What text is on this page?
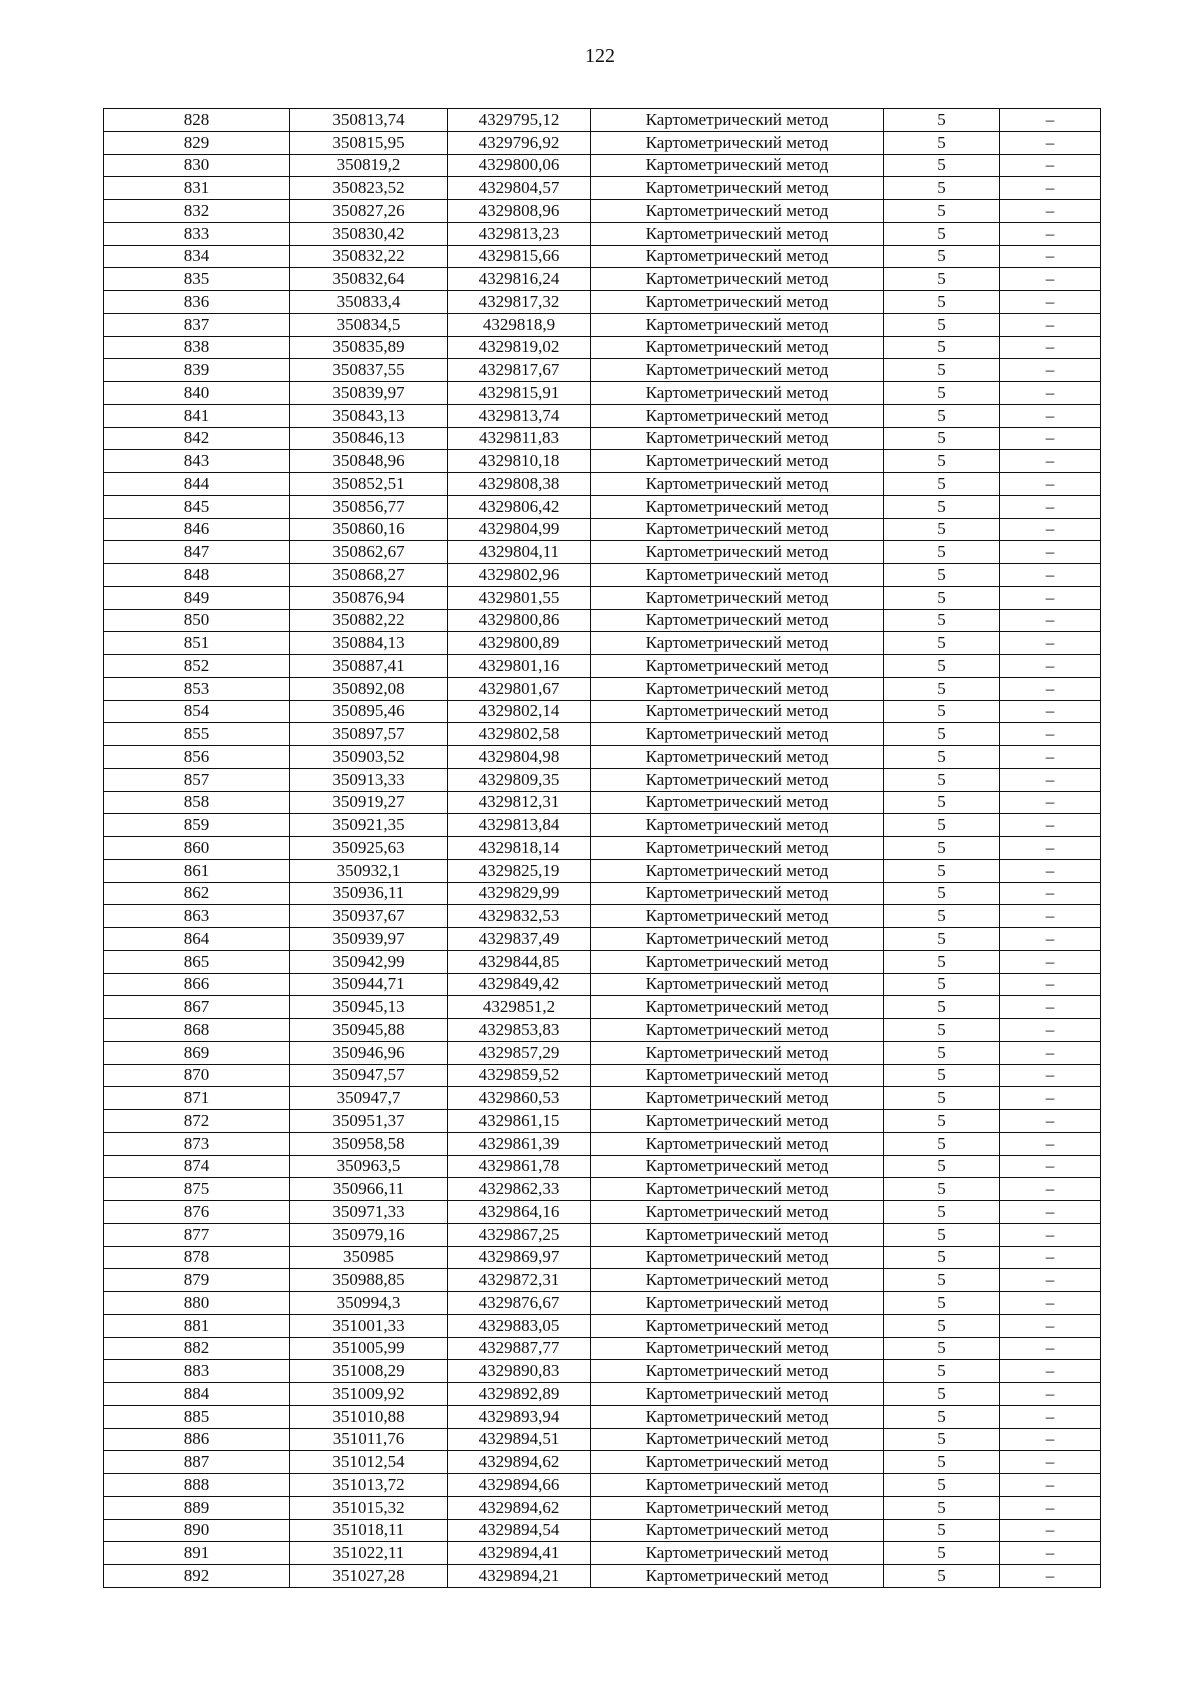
122
828	350813,74	4329795,12	Картометрический метод	5	–
829	350815,95	4329796,92	Картометрический метод	5	–
830	350819,2	4329800,06	Картометрический метод	5	–
831	350823,52	4329804,57	Картометрический метод	5	–
832	350827,26	4329808,96	Картометрический метод	5	–
833	350830,42	4329813,23	Картометрический метод	5	–
834	350832,22	4329815,66	Картометрический метод	5	–
835	350832,64	4329816,24	Картометрический метод	5	–
836	350833,4	4329817,32	Картометрический метод	5	–
837	350834,5	4329818,9	Картометрический метод	5	–
838	350835,89	4329819,02	Картометрический метод	5	–
839	350837,55	4329817,67	Картометрический метод	5	–
840	350839,97	4329815,91	Картометрический метод	5	–
841	350843,13	4329813,74	Картометрический метод	5	–
842	350846,13	4329811,83	Картометрический метод	5	–
843	350848,96	4329810,18	Картометрический метод	5	–
844	350852,51	4329808,38	Картометрический метод	5	–
845	350856,77	4329806,42	Картометрический метод	5	–
846	350860,16	4329804,99	Картометрический метод	5	–
847	350862,67	4329804,11	Картометрический метод	5	–
848	350868,27	4329802,96	Картометрический метод	5	–
849	350876,94	4329801,55	Картометрический метод	5	–
850	350882,22	4329800,86	Картометрический метод	5	–
851	350884,13	4329800,89	Картометрический метод	5	–
852	350887,41	4329801,16	Картометрический метод	5	–
853	350892,08	4329801,67	Картометрический метод	5	–
854	350895,46	4329802,14	Картометрический метод	5	–
855	350897,57	4329802,58	Картометрический метод	5	–
856	350903,52	4329804,98	Картометрический метод	5	–
857	350913,33	4329809,35	Картометрический метод	5	–
858	350919,27	4329812,31	Картометрический метод	5	–
859	350921,35	4329813,84	Картометрический метод	5	–
860	350925,63	4329818,14	Картометрический метод	5	–
861	350932,1	4329825,19	Картометрический метод	5	–
862	350936,11	4329829,99	Картометрический метод	5	–
863	350937,67	4329832,53	Картометрический метод	5	–
864	350939,97	4329837,49	Картометрический метод	5	–
865	350942,99	4329844,85	Картометрический метод	5	–
866	350944,71	4329849,42	Картометрический метод	5	–
867	350945,13	4329851,2	Картометрический метод	5	–
868	350945,88	4329853,83	Картометрический метод	5	–
869	350946,96	4329857,29	Картометрический метод	5	–
870	350947,57	4329859,52	Картометрический метод	5	–
871	350947,7	4329860,53	Картометрический метод	5	–
872	350951,37	4329861,15	Картометрический метод	5	–
873	350958,58	4329861,39	Картометрический метод	5	–
874	350963,5	4329861,78	Картометрический метод	5	–
875	350966,11	4329862,33	Картометрический метод	5	–
876	350971,33	4329864,16	Картометрический метод	5	–
877	350979,16	4329867,25	Картометрический метод	5	–
878	350985	4329869,97	Картометрический метод	5	–
879	350988,85	4329872,31	Картометрический метод	5	–
880	350994,3	4329876,67	Картометрический метод	5	–
881	351001,33	4329883,05	Картометрический метод	5	–
882	351005,99	4329887,77	Картометрический метод	5	–
883	351008,29	4329890,83	Картометрический метод	5	–
884	351009,92	4329892,89	Картометрический метод	5	–
885	351010,88	4329893,94	Картометрический метод	5	–
886	351011,76	4329894,51	Картометрический метод	5	–
887	351012,54	4329894,62	Картометрический метод	5	–
888	351013,72	4329894,66	Картометрический метод	5	–
889	351015,32	4329894,62	Картометрический метод	5	–
890	351018,11	4329894,54	Картометрический метод	5	–
891	351022,11	4329894,41	Картометрический метод	5	–
892	351027,28	4329894,21	Картометрический метод	5	–
